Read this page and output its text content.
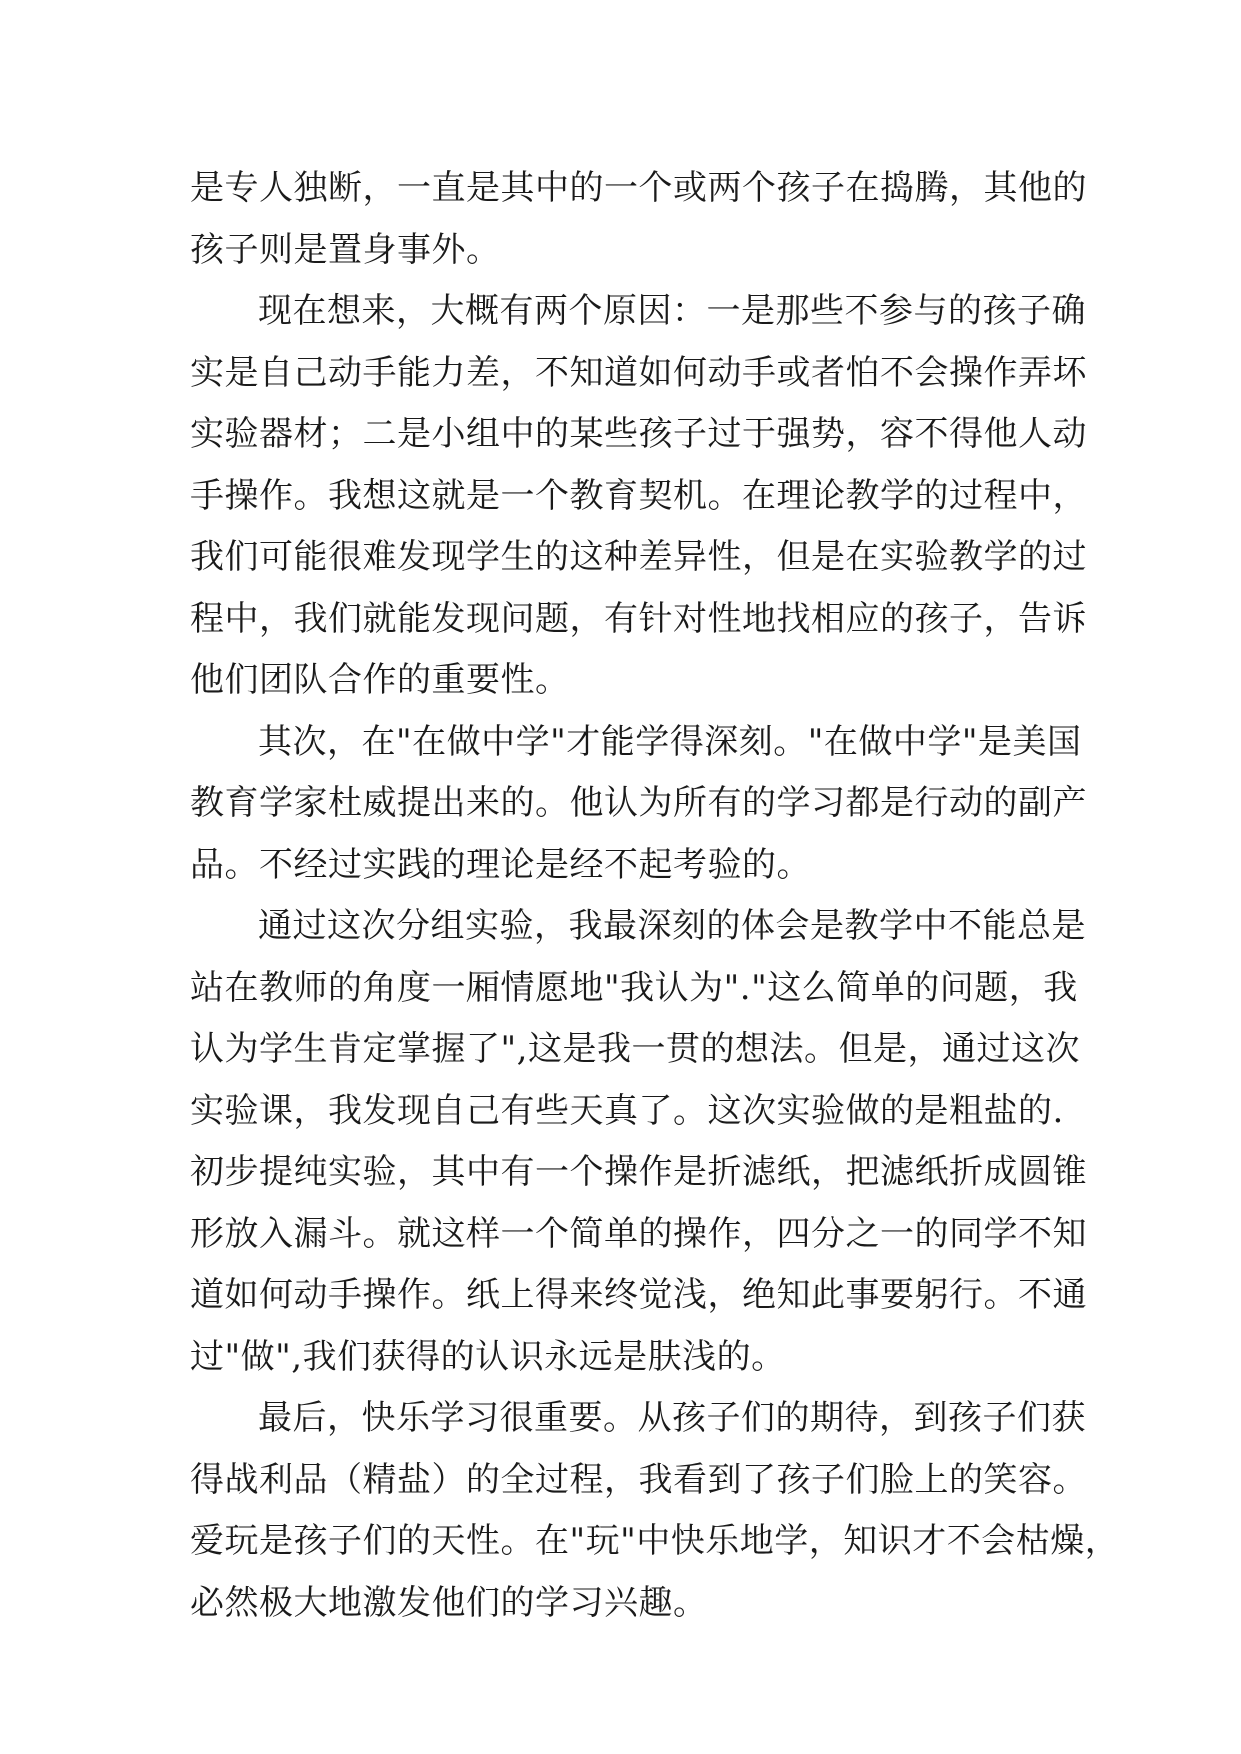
是专人独断，一直是其中的一个或两个孩子在捣腾，其他的
孩子则是置身事外。
现在想来，大概有两个原因：一是那些不参与的孩子确
实是自己动手能力差，不知道如何动手或者怕不会操作弄坏
实验器材；二是小组中的某些孩子过于强势，容不得他人动
手操作。我想这就是一个教育契机。在理论教学的过程中，
我们可能很难发现学生的这种差异性，但是在实验教学的过
程中，我们就能发现问题，有针对性地找相应的孩子，告诉
他们团队合作的重要性。
其次，在"在做中学"才能学得深刻。"在做中学"是美国
教育学家杜威提出来的。他认为所有的学习都是行动的副产
品。不经过实践的理论是经不起考验的。
通过这次分组实验，我最深刻的体会是教学中不能总是
站在教师的角度一厢情愿地"我认为"."这么简单的问题，我
认为学生肯定掌握了",这是我一贯的想法。但是，通过这次
实验课，我发现自己有些天真了。这次实验做的是粗盐的.
初步提纯实验，其中有一个操作是折滤纸，把滤纸折成圆锥
形放入漏斗。就这样一个简单的操作，四分之一的同学不知
道如何动手操作。纸上得来终觉浅，绝知此事要躬行。不通
过"做",我们获得的认识永远是肤浅的。
最后，快乐学习很重要。从孩子们的期待，到孩子们获
得战利品（精盐）的全过程，我看到了孩子们脸上的笑容。
爱玩是孩子们的天性。在"玩"中快乐地学，知识才不会枯燥，
必然极大地激发他们的学习兴趣。
